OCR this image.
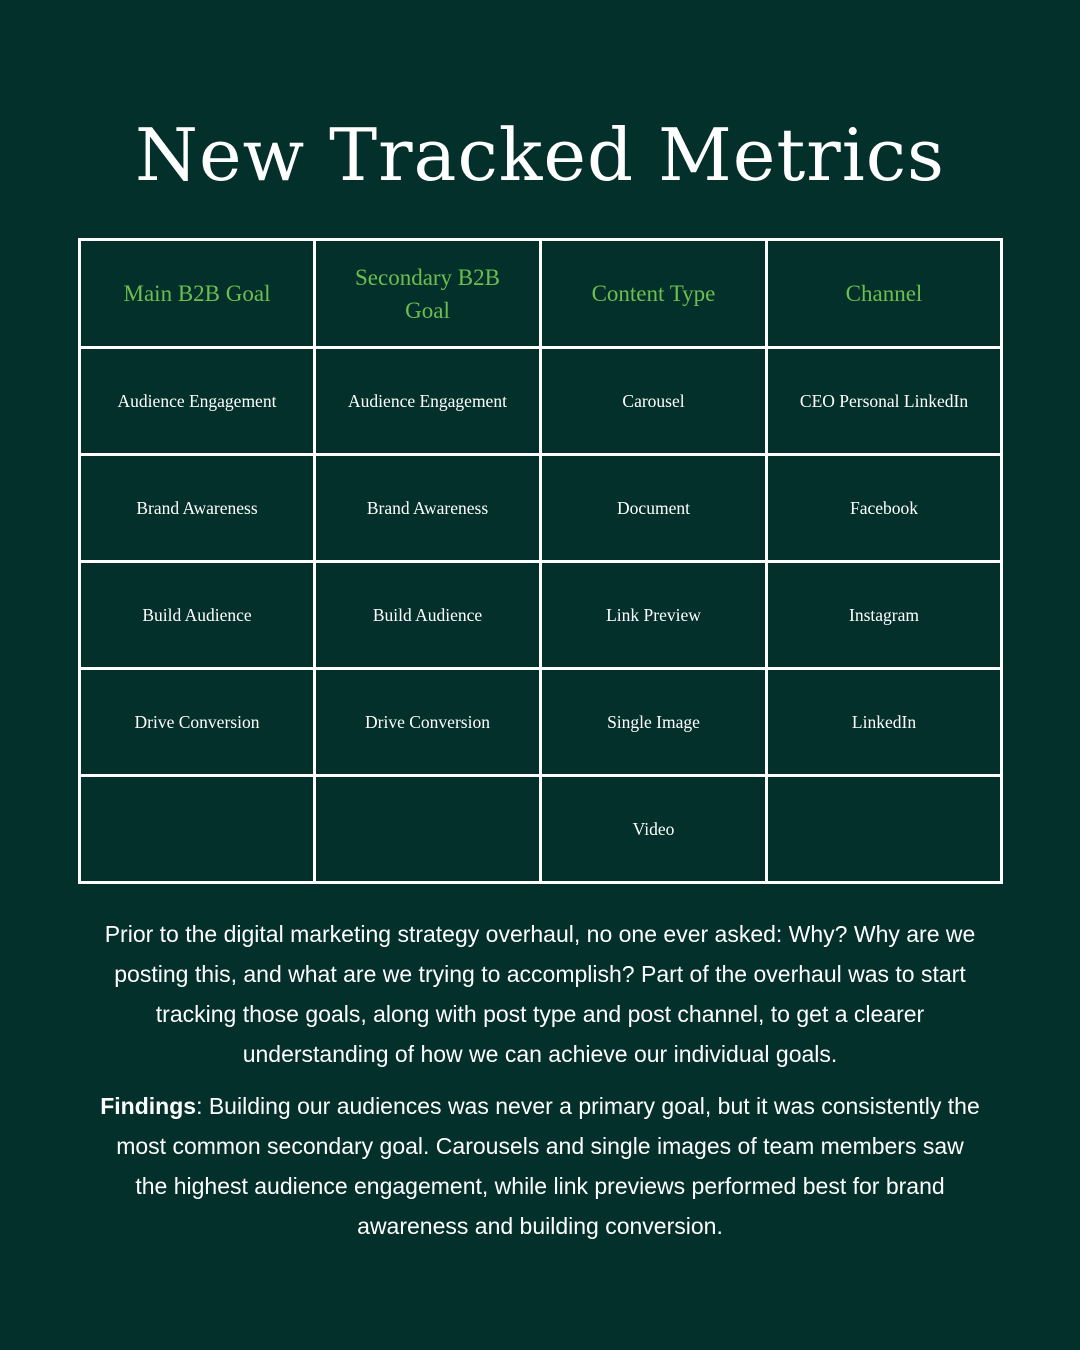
New Tracked Metrics
Main B2B Goal	Secondary B2B Goal	Content Type	Channel
Audience Engagement	Audience Engagement	Carousel	CEO Personal LinkedIn
Brand Awareness	Brand Awareness	Document	Facebook
Build Audience	Build Audience	Link Preview	Instagram
Drive Conversion	Drive Conversion	Single Image	LinkedIn
		Video	

Prior to the digital marketing strategy overhaul, no one ever asked: Why? Why are we posting this, and what are we trying to accomplish? Part of the overhaul was to start tracking those goals, along with post type and post channel, to get a clearer understanding of how we can achieve our individual goals.

Findings: Building our audiences was never a primary goal, but it was consistently the most common secondary goal. Carousels and single images of team members saw the highest audience engagement, while link previews performed best for brand awareness and building conversion.
